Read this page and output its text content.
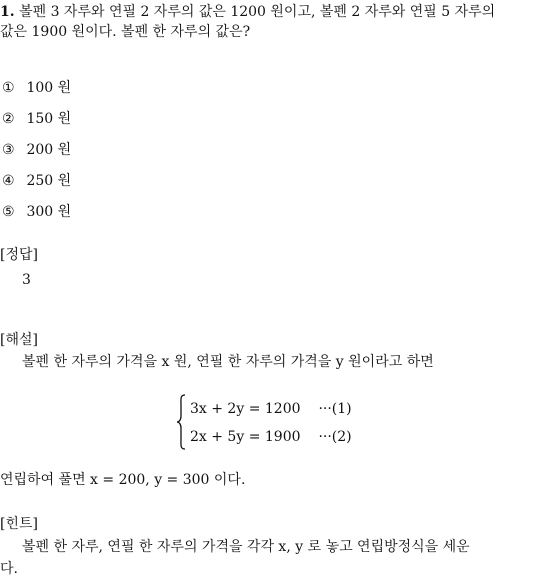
1. 볼펜 3 자루와 연필 2 자루의 값은 1200 원이고, 볼펜 2 자루와 연필 5 자루의
값은 1900 원이다. 볼펜 한 자루의 값은?
① 100 원
② 150 원
③ 200 원
④ 250 원
⑤ 300 원
[정답]
3
[해설]
볼펜 한 자루의 가격을 x 원, 연필 한 자루의 가격을 y 원이라고 하면
3x + 2y = 1200 ···(1)
2x + 5y = 1900 ···(2)
연립하여 풀면 x = 200, y = 300 이다.
[힌트]
볼펜 한 자루, 연필 한 자루의 가격을 각각 x, y 로 놓고 연립방정식을 세운
다.
